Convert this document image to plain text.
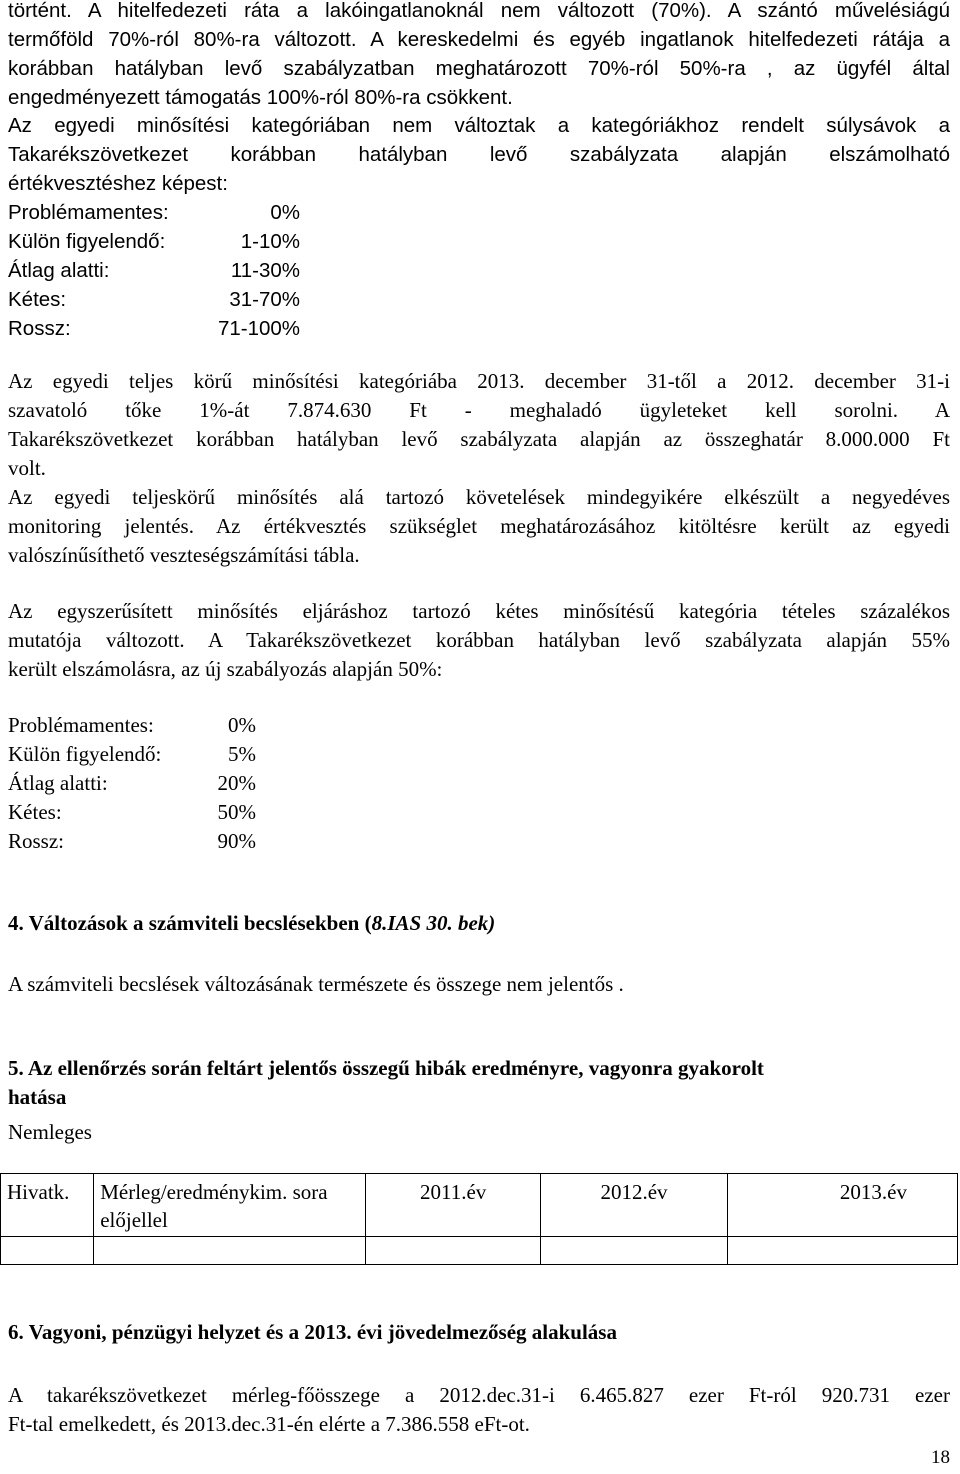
történt. A hitelfedezeti ráta a lakóingatlanoknál nem változott (70%). A szántó művelésiágú
termőföld 70%-ról 80%-ra változott. A kereskedelmi és egyéb ingatlanok hitelfedezeti rátája a
korábban hatályban levő szabályzatban meghatározott 70%-ról 50%-ra , az ügyfél által
engedményezett támogatás 100%-ról 80%-ra csökkent.
Az egyedi minősítési kategóriában nem változtak a kategóriákhoz rendelt súlysávok a
Takarékszövetkezet korábban hatályban levő szabályzata alapján elszámolható
értékvesztéshez képest:
Problémamentes:	0%
Külön figyelendő:	1-10%
Átlag alatti:	11-30%
Kétes:	31-70%
Rossz:	71-100%
Az egyedi teljes körű minősítési kategóriába 2013. december 31-től a 2012. december 31-i
szavatoló tőke 1%-át 7.874.630 Ft - meghaladó ügyleteket kell sorolni. A
Takarékszövetkezet korábban hatályban levő szabályzata alapján az összeghatár 8.000.000 Ft
volt.
Az egyedi teljeskörű minősítés alá tartozó követelések mindegyikére elkészült a negyedéves
monitoring jelentés. Az értékvesztés szükséglet meghatározásához kitöltésre került az egyedi
valószínűsíthető veszteségszámítási tábla.
Az egyszerűsített minősítés eljáráshoz tartozó kétes minősítésű kategória tételes százalékos
mutatója változott. A Takarékszövetkezet korábban hatályban levő szabályzata alapján 55%
került elszámolásra, az új szabályozás alapján 50%:
Problémamentes:	0%
Külön figyelendő:	5%
Átlag alatti:	20%
Kétes:	50%
Rossz:	90%
4. Változások a számviteli becslésekben (8.IAS 30. bek)
A számviteli becslések változásának természete és összege nem jelentős .
5. Az ellenőrzés során feltárt jelentős összegű hibák eredményre, vagyonra gyakorolt
hatása
Nemleges
Hivatk.	Mérleg/eredménykim. sora előjellel	2011.év	2012.év	2013.év

6. Vagyoni, pénzügyi helyzet és a 2013. évi jövedelmezőség alakulása
A takarékszövetkezet mérleg-főösszege a 2012.dec.31-i 6.465.827 ezer Ft-ról 920.731 ezer
Ft-tal emelkedett, és 2013.dec.31-én elérte a 7.386.558 eFt-ot.
18
